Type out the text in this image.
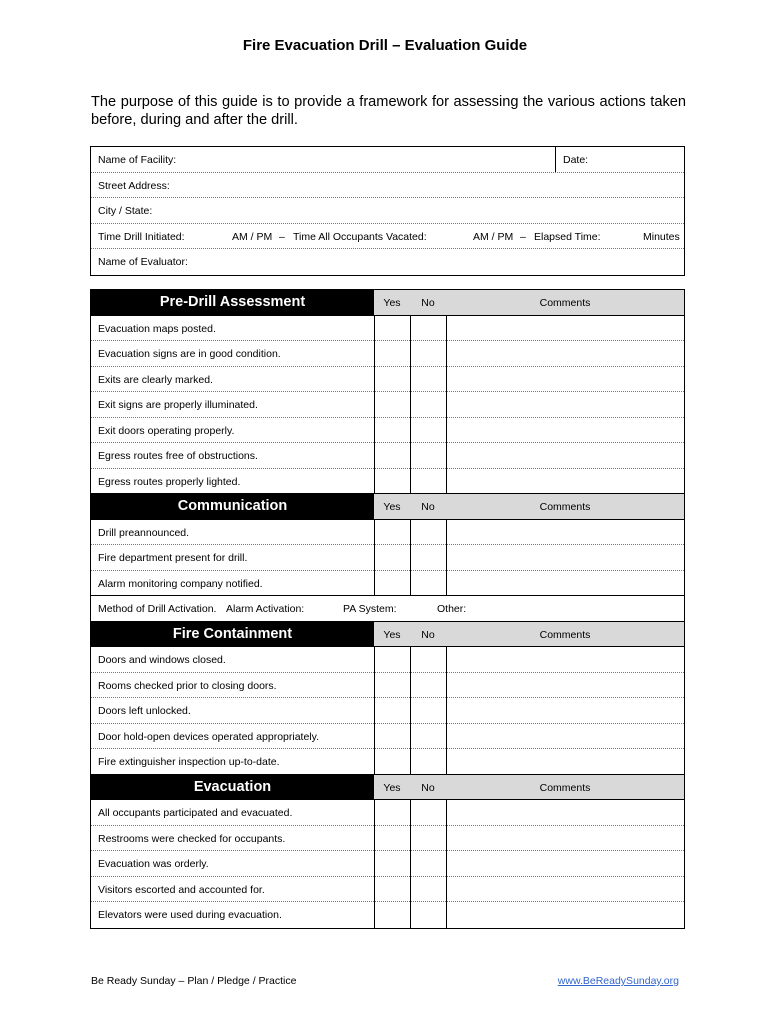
Fire Evacuation Drill – Evaluation Guide
The purpose of this guide is to provide a framework for assessing the various actions taken before, during and after the drill.
Name of Facility:	Date:
Street Address:
City / State:
Time Drill Initiated:	AM / PM – Time All Occupants Vacated:	AM / PM – Elapsed Time:	Minutes
Name of Evaluator:
Pre-Drill Assessment	Yes	No	Comments
Evacuation maps posted.
Evacuation signs are in good condition.
Exits are clearly marked.
Exit signs are properly illuminated.
Exit doors operating properly.
Egress routes free of obstructions.
Egress routes properly lighted.
Communication	Yes	No	Comments
Drill preannounced.
Fire department present for drill.
Alarm monitoring company notified.
Method of Drill Activation. Alarm Activation:	PA System:	Other:
Fire Containment	Yes	No	Comments
Doors and windows closed.
Rooms checked prior to closing doors.
Doors left unlocked.
Door hold-open devices operated appropriately.
Fire extinguisher inspection up-to-date.
Evacuation	Yes	No	Comments
All occupants participated and evacuated.
Restrooms were checked for occupants.
Evacuation was orderly.
Visitors escorted and accounted for.
Elevators were used during evacuation.
Be Ready Sunday – Plan / Pledge / Practice	www.BeReadySunday.org
